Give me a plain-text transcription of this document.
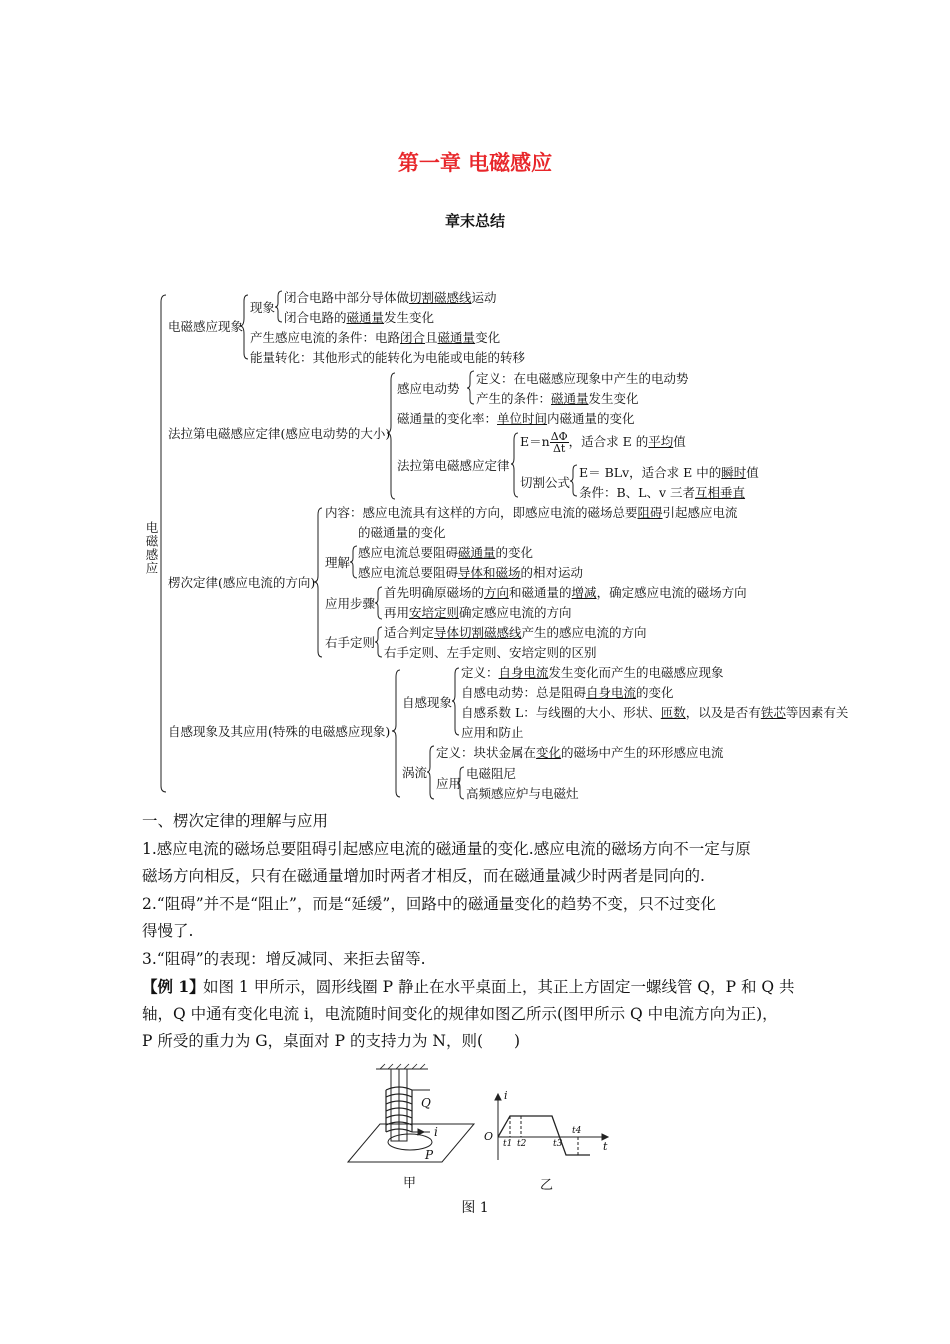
第一章 电磁感应
章末总结
电磁感应
电磁感应现象
现象
闭合电路中部分导体做切割磁感线运动
闭合电路的磁通量发生变化
产生感应电流的条件：电路闭合且磁通量变化
能量转化：其他形式的能转化为电能或电能的转移
法拉第电磁感应定律(感应电动势的大小)
感应电动势
定义：在电磁感应现象中产生的电动势
产生的条件：磁通量发生变化
磁通量的变化率：单位时间内磁通量的变化
法拉第电磁感应定律
$E=n \frac{\Delta\Phi}{\Delta t}$ ，适合求 E 的平均值
切割公式
E＝ BLv，适合求 E 中的瞬时值
条件：B、L、v 三者互相垂直
楞次定律(感应电流的方向)
内容：感应电流具有这样的方向，即感应电流的磁场总要阻碍引起感应电流
的磁通量的变化
理解
感应电流总要阻碍磁通量的变化
感应电流总要阻碍导体和磁场的相对运动
应用步骤
首先明确原磁场的方向和磁通量的增减，确定感应电流的磁场方向
再用安培定则确定感应电流的方向
右手定则
适合判定导体切割磁感线产生的感应电流的方向
右手定则、左手定则、安培定则的区别
自感现象及其应用(特殊的电磁感应现象)
自感现象
定义：自身电流发生变化而产生的电磁感应现象
自感电动势：总是阻碍自身电流的变化
自感系数 L：与线圈的大小、形状、匝数，以及是否有铁芯等因素有关
应用和防止
涡流
定义：块状金属在变化的磁场中产生的环形感应电流
应用
电磁阻尼
高频感应炉与电磁灶
一、楞次定律的理解与应用
1.感应电流的磁场总要阻碍引起感应电流的磁通量的变化.感应电流的磁场方向不一定与原
磁场方向相反，只有在磁通量增加时两者才相反，而在磁通量减少时两者是同向的.
2.“阻碍”并不是“阻止”，而是“延缓”，回路中的磁通量变化的趋势不变，只不过变化
得慢了.
3.“阻碍”的表现：增反减同、来拒去留等.
【例 1】
如图 1 甲所示，圆形线圈 P 静止在水平桌面上，其正上方固定一螺线管 Q，P 和 Q 共
轴，Q 中通有变化电流 i，电流随时间变化的规律如图乙所示(图甲所示 Q 中电流方向为正)，
P 所受的重力为 G，桌面对 P 的支持力为 N，则(　　)
Q
i
P
甲
i
O
t
t1 t2	t3
t4
乙
图 1
